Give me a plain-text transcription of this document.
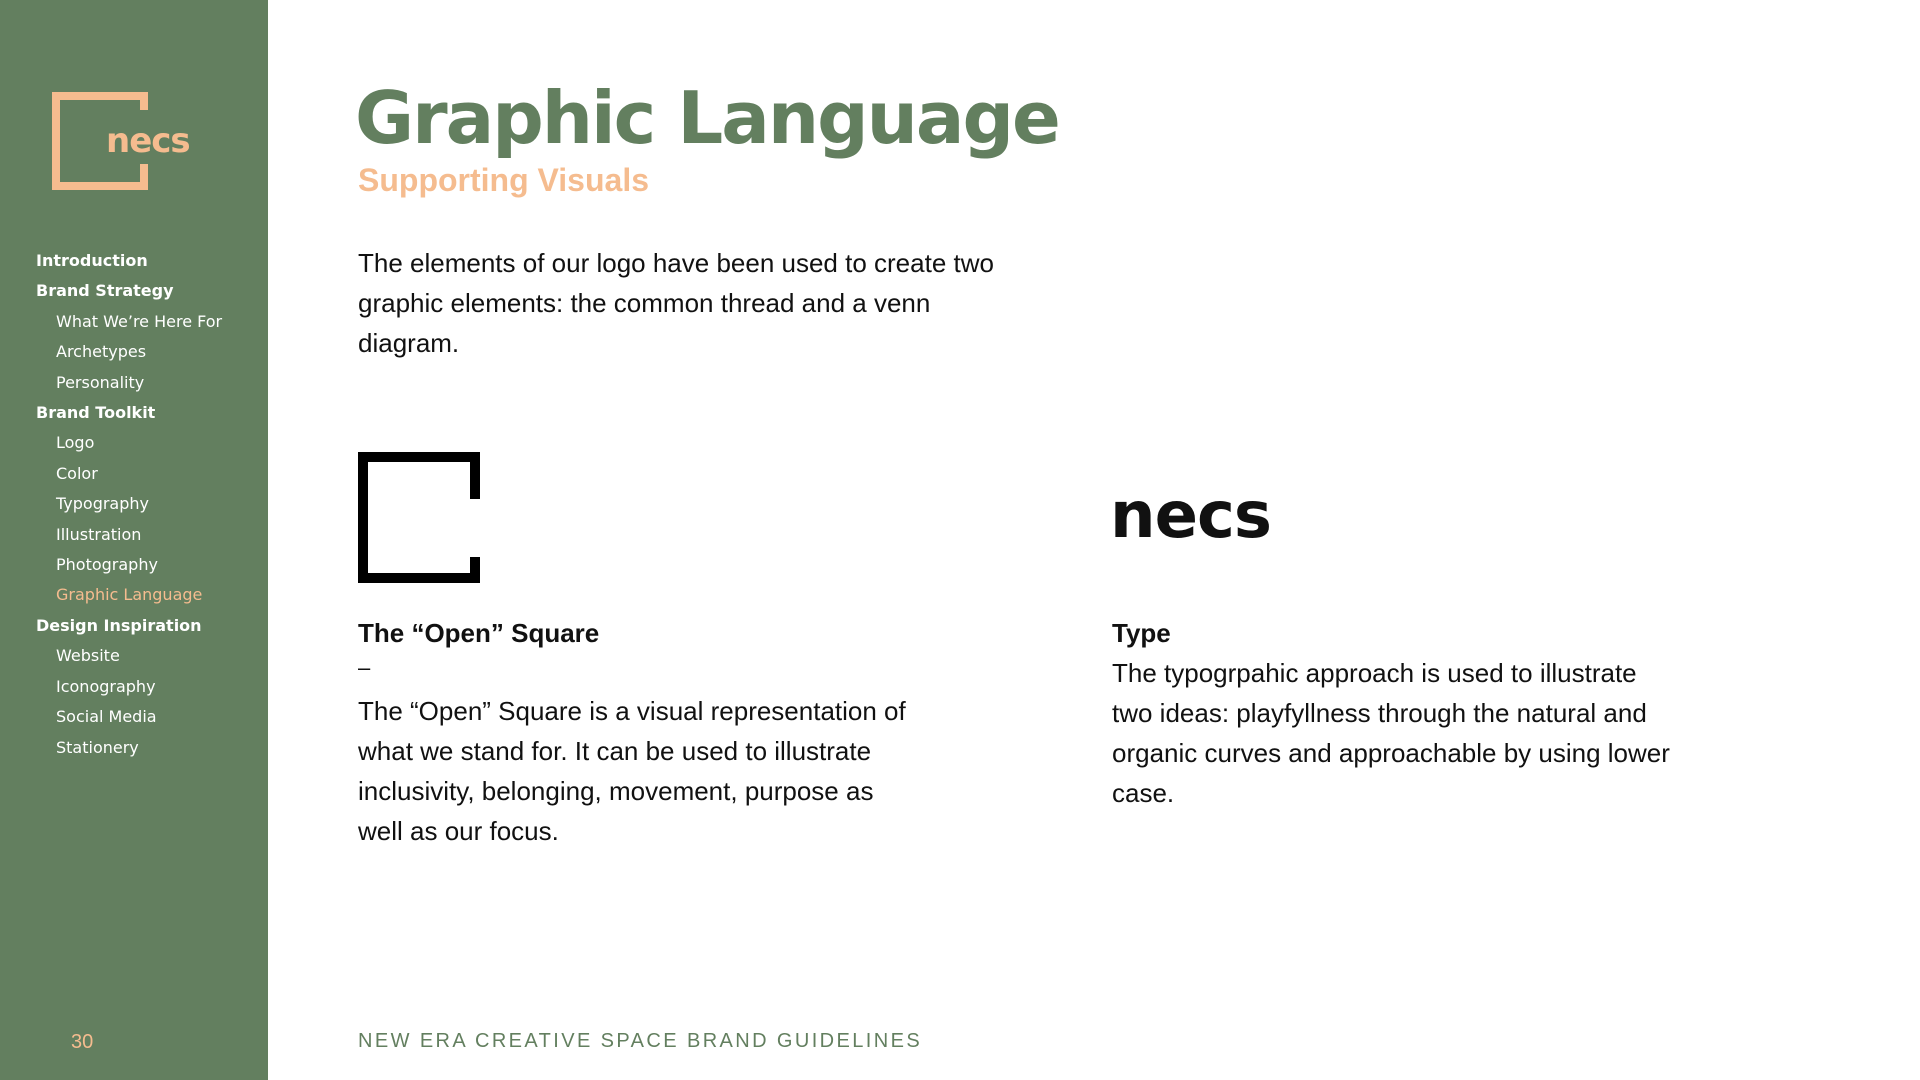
necs
Introduction
Brand Strategy
What We’re Here For
Archetypes
Personality
Brand Toolkit
Logo
Color
Typography
Illustration
Photography
Graphic Language
Design Inspiration
Website
Iconography
Social Media
Stationery
30
Graphic Language
Supporting Visuals

The elements of our logo have been used to create two graphic elements: the common thread and a venn diagram.

The “Open” Square
–

The “Open” Square is a visual representation of what we stand for. It can be used to illustrate inclusivity, belonging, movement, purpose as well as our focus.

necs
Type

The typogrpahic approach is used to illustrate two ideas: playfyllness through the natural and organic curves and approachable by using lower case.

NEW ERA CREATIVE SPACE BRAND GUIDELINES
